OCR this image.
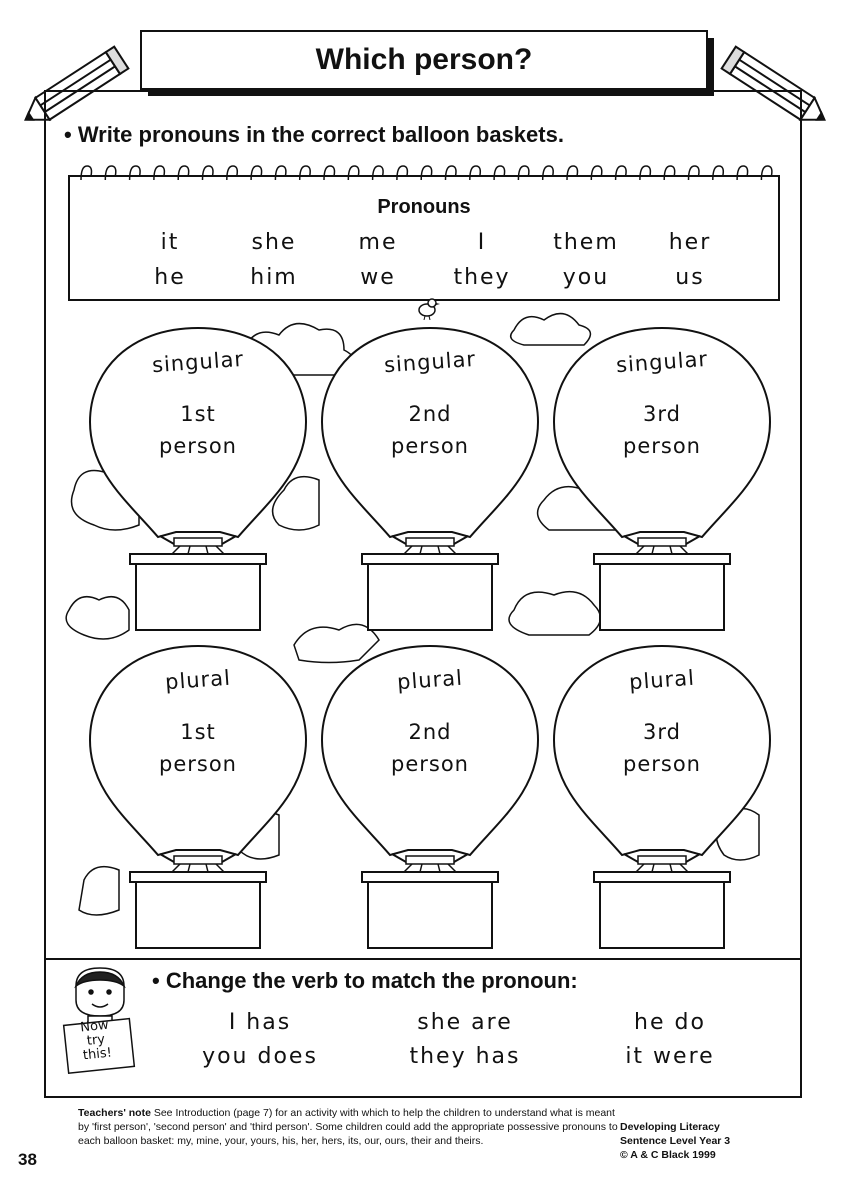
Which person?
• Write pronouns in the correct balloon baskets.
Pronouns
it	she	me	I	them	her
he	him	we	they	you	us
singular
1st
person
singular
2nd
person
singular
3rd
person
plural
1st
person
plural
2nd
person
plural
3rd
person
Now
try
this!
• Change the verb to match the pronoun:
I has	she are	he do
you does	they has	it were
Teachers' note See Introduction (page 7) for an activity with which to help the children to understand what is meant by 'first person', 'second person' and 'third person'. Some children could add the appropriate possessive pronouns to each balloon basket: my, mine, your, yours, his, her, hers, its, our, ours, their and theirs.
Developing Literacy
Sentence Level Year 3
© A & C Black 1999
38
